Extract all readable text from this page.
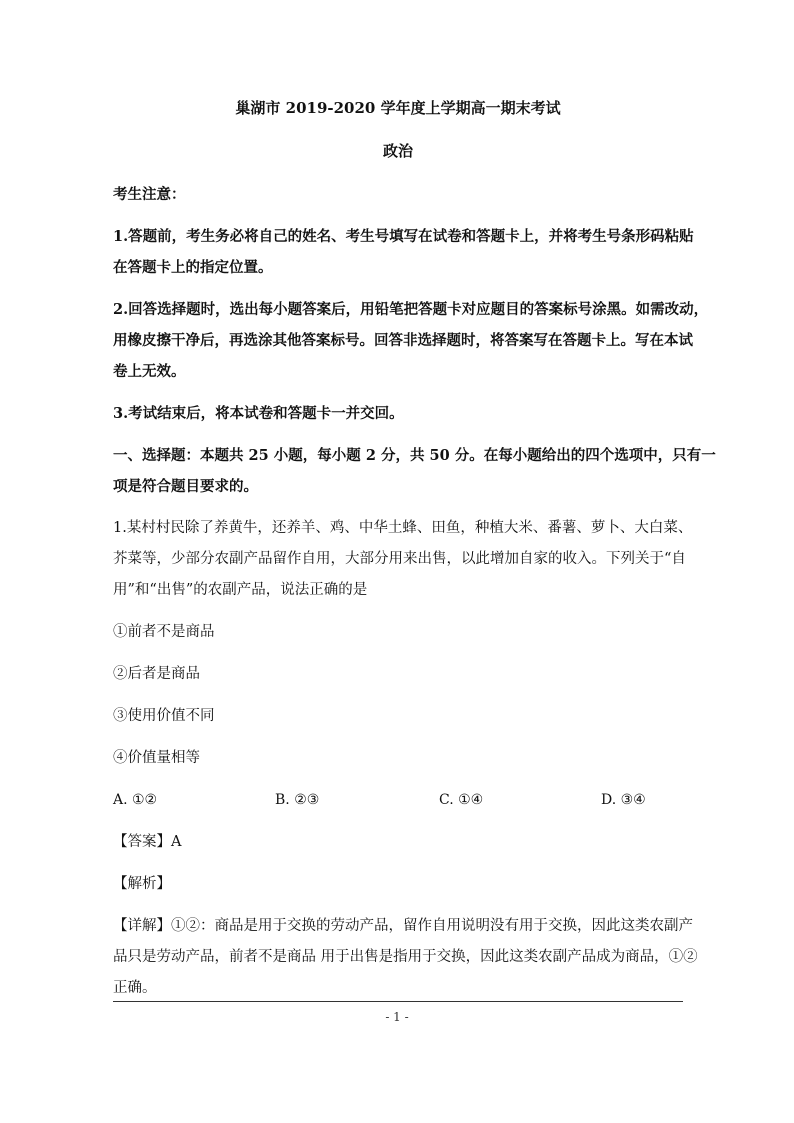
巢湖市 2019-2020 学年度上学期高一期末考试
政治
考生注意：
1.答题前，考生务必将自己的姓名、考生号填写在试卷和答题卡上，并将考生号条形码粘贴
在答题卡上的指定位置。
2.回答选择题时，选出每小题答案后，用铅笔把答题卡对应题目的答案标号涂黑。如需改动，
用橡皮擦干净后，再选涂其他答案标号。回答非选择题时，将答案写在答题卡上。写在本试
卷上无效。
3.考试结束后，将本试卷和答题卡一并交回。
一、选择题：本题共 25 小题，每小题 2 分，共 50 分。在每小题给出的四个选项中，只有一
项是符合题目要求的。
1.某村村民除了养黄牛，还养羊、鸡、中华土蜂、田鱼，种植大米、番薯、萝卜、大白菜、
芥菜等，少部分农副产品留作自用，大部分用来出售，以此增加自家的收入。下列关于“自
用”和“出售”的农副产品，说法正确的是
①前者不是商品
②后者是商品
③使用价值不同
④价值量相等
A. ①②	B. ②③	C. ①④	D. ③④
【答案】A
【解析】
【详解】①②：商品是用于交换的劳动产品，留作自用说明没有用于交换，因此这类农副产
品只是劳动产品，前者不是商品 用于出售是指用于交换，因此这类农副产品成为商品，①②
正确。
- 1 -
